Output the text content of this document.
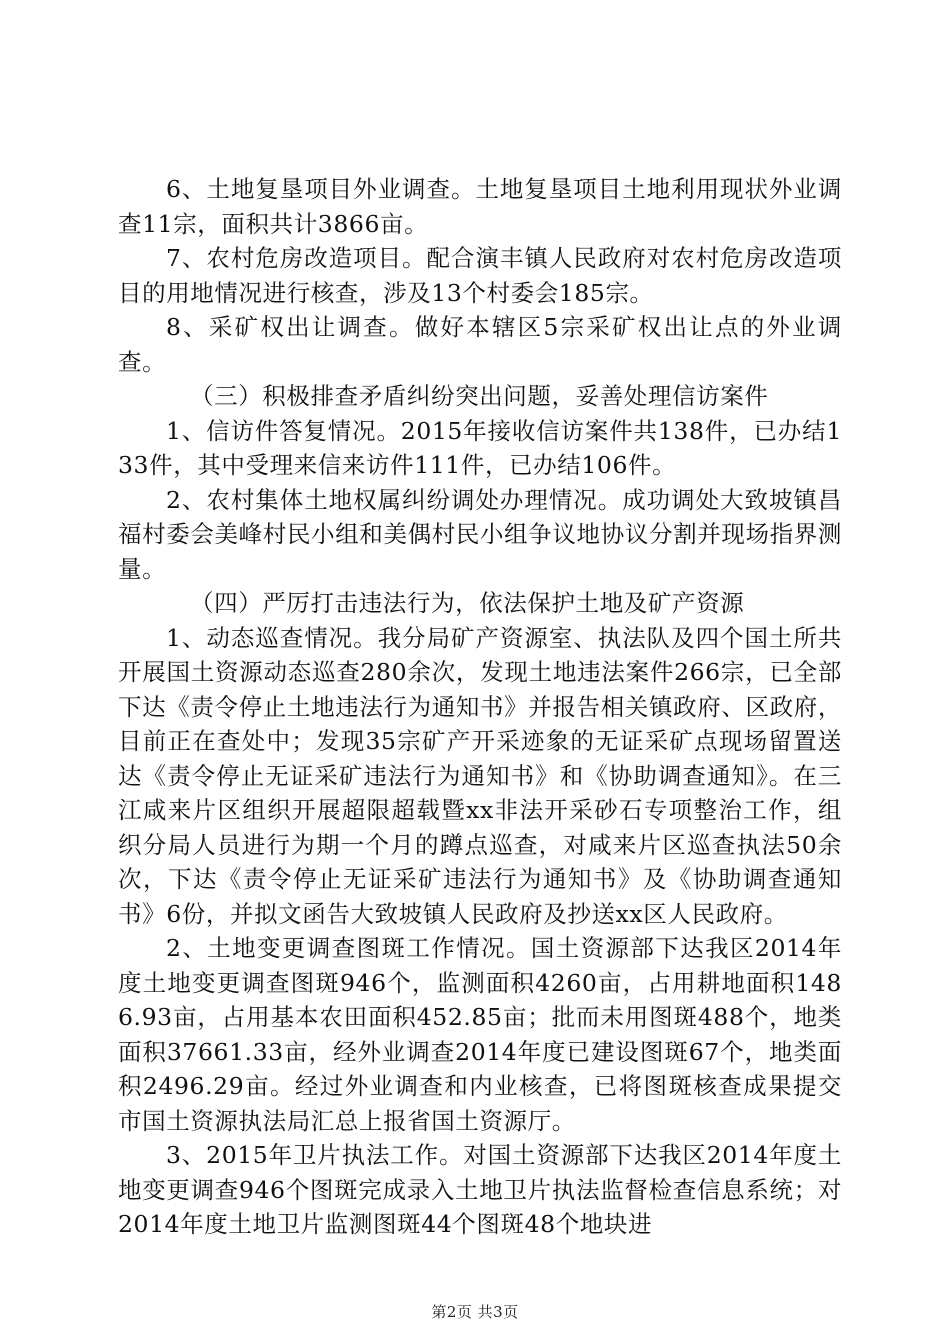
6、土地复垦项目外业调查。土地复垦项目土地利用现状外业调查11宗，面积共计3866亩。

7、农村危房改造项目。配合演丰镇人民政府对农村危房改造项目的用地情况进行核查，涉及13个村委会185宗。

8、采矿权出让调查。做好本辖区5宗采矿权出让点的外业调查。

（三）积极排查矛盾纠纷突出问题，妥善处理信访案件

1、信访件答复情况。2015年接收信访案件共138件，已办结133件，其中受理来信来访件111件，已办结106件。

2、农村集体土地权属纠纷调处办理情况。成功调处大致坡镇昌福村委会美峰村民小组和美偶村民小组争议地协议分割并现场指界测量。

（四）严厉打击违法行为，依法保护土地及矿产资源

1、动态巡查情况。我分局矿产资源室、执法队及四个国土所共开展国土资源动态巡查280余次，发现土地违法案件266宗，已全部下达《责令停止土地违法行为通知书》并报告相关镇政府、区政府，目前正在查处中；发现35宗矿产开采迹象的无证采矿点现场留置送达《责令停止无证采矿违法行为通知书》和《协助调查通知》。在三江咸来片区组织开展超限超载暨xx非法开采砂石专项整治工作，组织分局人员进行为期一个月的蹲点巡查，对咸来片区巡查执法50余次，下达《责令停止无证采矿违法行为通知书》及《协助调查通知书》6份，并拟文函告大致坡镇人民政府及抄送xx区人民政府。

2、土地变更调查图斑工作情况。国土资源部下达我区2014年度土地变更调查图斑946个，监测面积4260亩，占用耕地面积1486.93亩，占用基本农田面积452.85亩；批而未用图斑488个，地类面积37661.33亩，经外业调查2014年度已建设图斑67个，地类面积2496.29亩。经过外业调查和内业核查，已将图斑核查成果提交市国土资源执法局汇总上报省国土资源厅。

3、2015年卫片执法工作。对国土资源部下达我区2014年度土地变更调查946个图斑完成录入土地卫片执法监督检查信息系统；对2014年度土地卫片监测图斑44个图斑48个地块进

第2页 共3页
